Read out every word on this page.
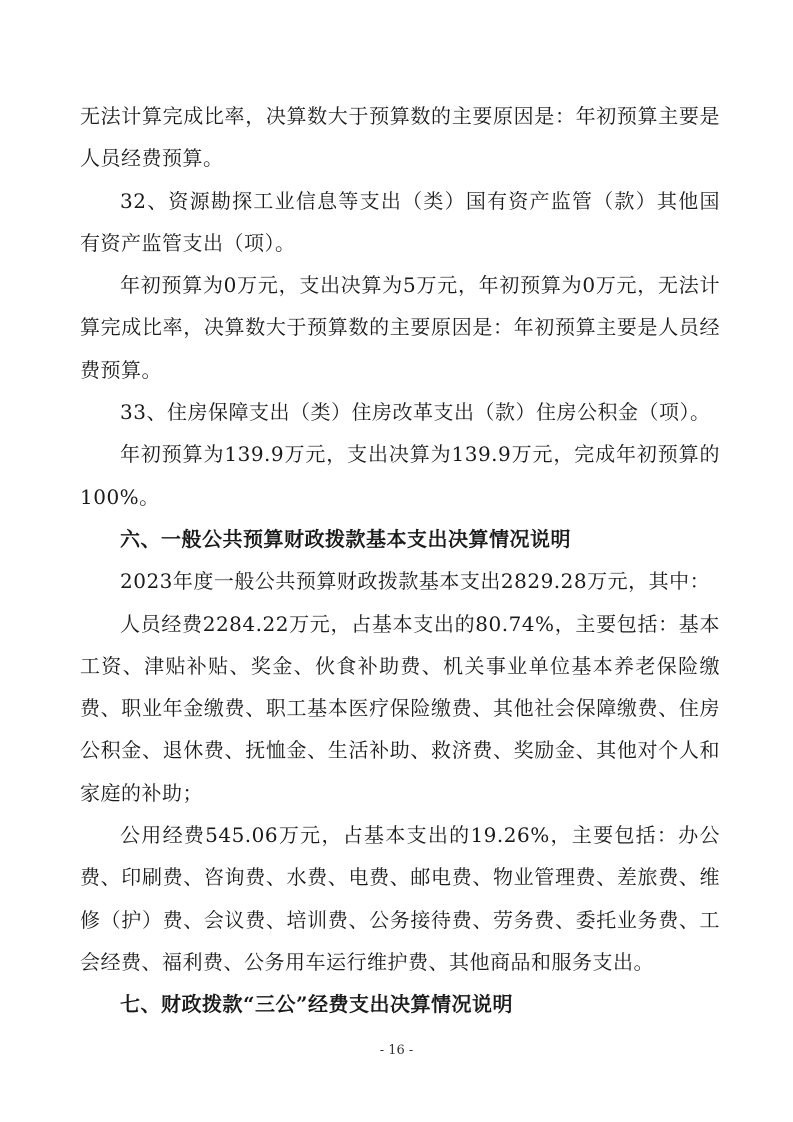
无法计算完成比率，决算数大于预算数的主要原因是：年初预算主要是人员经费预算。

32、资源勘探工业信息等支出（类）国有资产监管（款）其他国有资产监管支出（项）。

年初预算为0万元，支出决算为5万元，年初预算为0万元，无法计算完成比率，决算数大于预算数的主要原因是：年初预算主要是人员经费预算。

33、住房保障支出（类）住房改革支出（款）住房公积金（项）。

年初预算为139.9万元，支出决算为139.9万元，完成年初预算的100%。

六、一般公共预算财政拨款基本支出决算情况说明

2023年度一般公共预算财政拨款基本支出2829.28万元，其中：

人员经费2284.22万元，占基本支出的80.74%，主要包括：基本工资、津贴补贴、奖金、伙食补助费、机关事业单位基本养老保险缴费、职业年金缴费、职工基本医疗保险缴费、其他社会保障缴费、住房公积金、退休费、抚恤金、生活补助、救济费、奖励金、其他对个人和家庭的补助；

公用经费545.06万元，占基本支出的19.26%，主要包括：办公费、印刷费、咨询费、水费、电费、邮电费、物业管理费、差旅费、维修（护）费、会议费、培训费、公务接待费、劳务费、委托业务费、工会经费、福利费、公务用车运行维护费、其他商品和服务支出。

七、财政拨款“三公”经费支出决算情况说明
- 16 -
